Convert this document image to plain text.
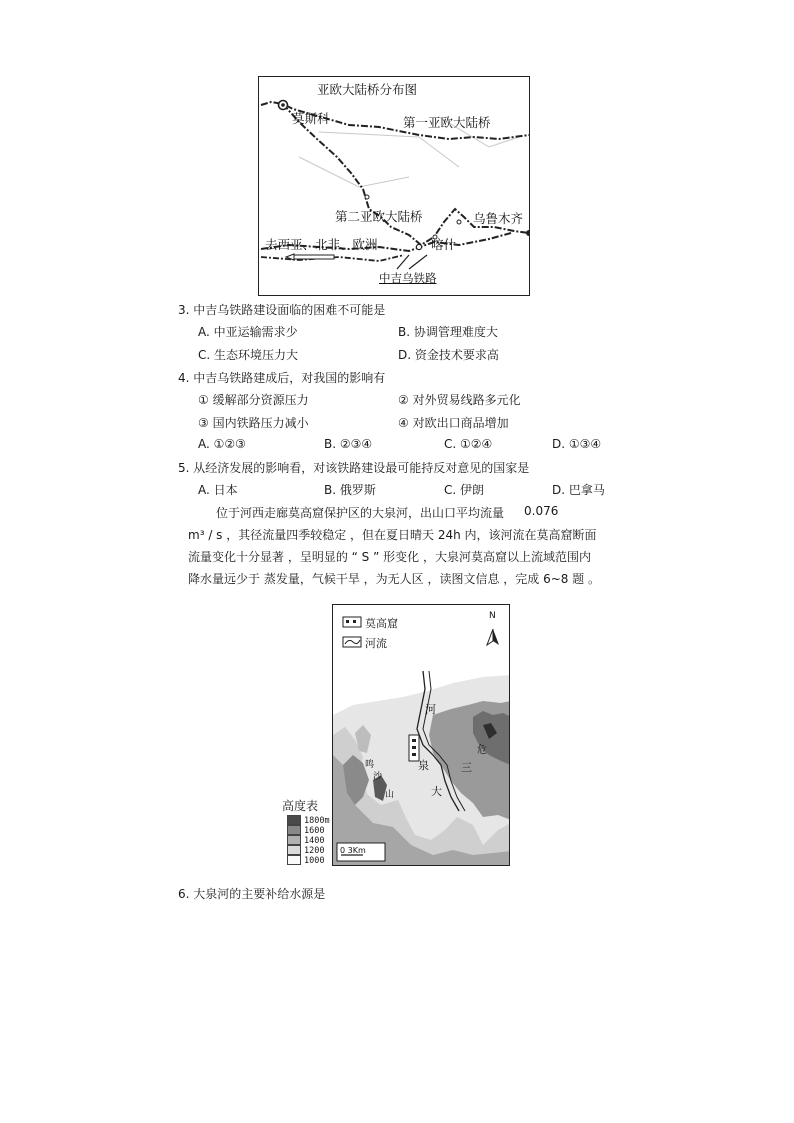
亚欧大陆桥分布图
莫斯科	第一亚欧大陆桥
第二亚欧大陆桥	乌鲁木齐
去西亚、北非、欧洲	喀什
中吉乌铁路
3. 中吉乌铁路建设面临的困难不可能是
A. 中亚运输需求少	B. 协调管理难度大
C. 生态环境压力大	D. 资金技术要求高
4. 中吉乌铁路建成后，对我国的影响有
① 缓解部分资源压力	② 对外贸易线路多元化
③ 国内铁路压力减小	④ 对欧出口商品增加
A. ①②③	B. ②③④	C. ①②④	D. ①③④
5. 从经济发展的影响看，对该铁路建设最可能持反对意见的国家是
A. 日本	B. 俄罗斯	C. 伊朗	D. 巴拿马
位于河西走廊莫高窟保护区的大泉河，出山口平均流量 0.076
m³ / s ，其径流量四季较稳定 ，但在夏日晴天 24h 内，该河流在莫高窟断面
流量变化十分显著 ，呈明显的 “ S ” 形变化 ，大泉河莫高窟以上流域范围内
降水量远少于 蒸发量，气候干旱 ，为无人区 ，读图文信息 ，完成 6~8 题 。
莫高窟
河流
N
河
泉
大
三
危
鸣
沙
山
0 3Km
高度表
1800m
1600
1400
1200
1000
6. 大泉河的主要补给水源是
